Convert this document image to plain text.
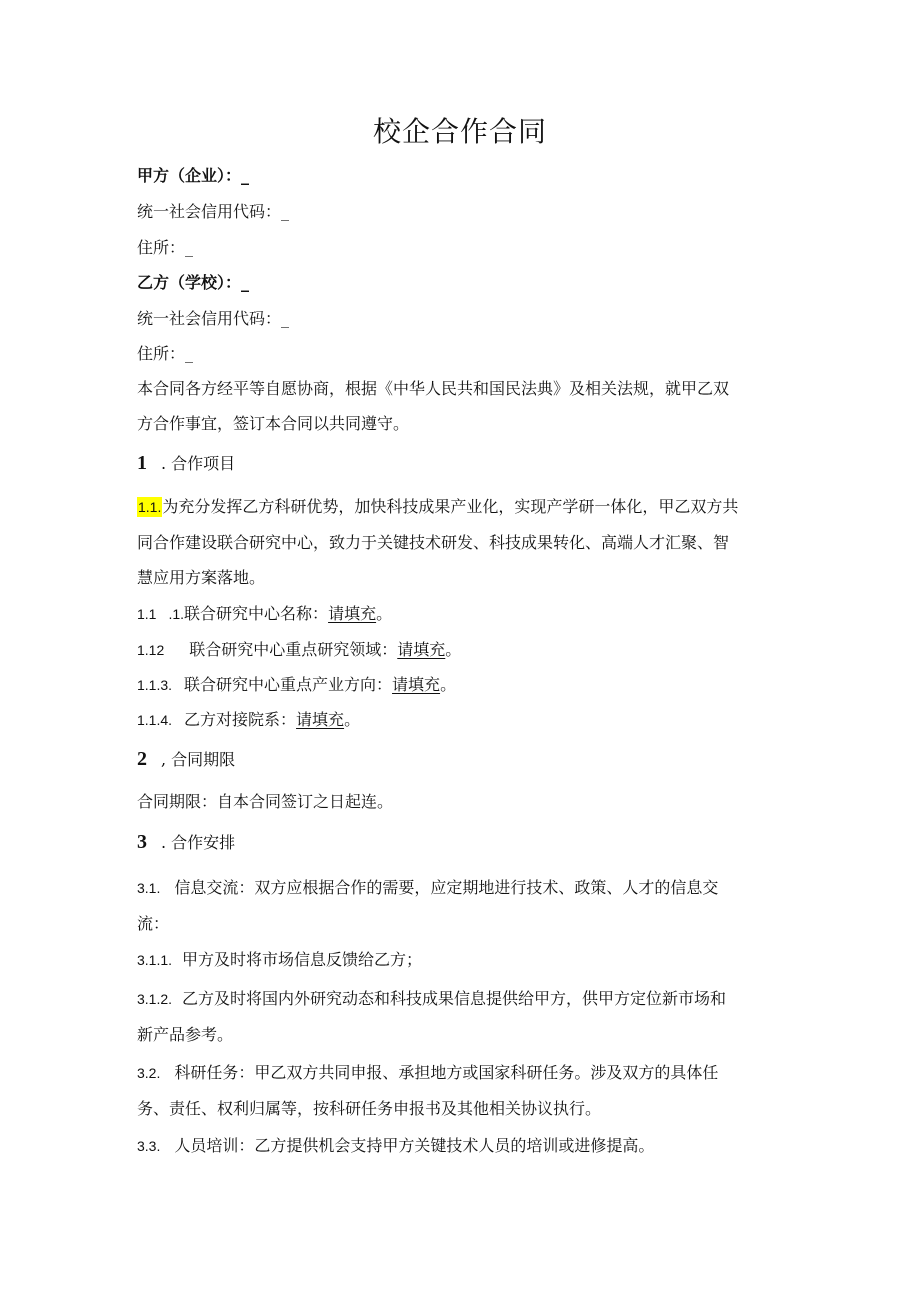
校企合作合同
甲方（企业）：_
统一社会信用代码：_
住所：_
乙方（学校）：_
统一社会信用代码：_
住所：_
本合同各方经平等自愿协商，根据《中华人民共和国民法典》及相关法规，就甲乙双
方合作事宜，签订本合同以共同遵守。
1 . 合作项目
1.1.为充分发挥乙方科研优势，加快科技成果产业化，实现产学研一体化，甲乙双方共
同合作建设联合研究中心，致力于关键技术研发、科技成果转化、高端人才汇聚、智
慧应用方案落地。
1.1 .1.联合研究中心名称：请填充。
1.12 联合研究中心重点研究领域：请填充。
1.1.3. 联合研究中心重点产业方向：请填充。
1.1.4. 乙方对接院系：请填充。
2 , 合同期限
合同期限：自本合同签订之日起连。
3 . 合作安排
3.1. 信息交流：双方应根据合作的需要，应定期地进行技术、政策、人才的信息交
流：
3.1.1. 甲方及时将市场信息反馈给乙方；
3.1.2. 乙方及时将国内外研究动态和科技成果信息提供给甲方，供甲方定位新市场和
新产品参考。
3.2. 科研任务：甲乙双方共同申报、承担地方或国家科研任务。涉及双方的具体任
务、责任、权利归属等，按科研任务申报书及其他相关协议执行。
3.3. 人员培训：乙方提供机会支持甲方关键技术人员的培训或进修提高。
